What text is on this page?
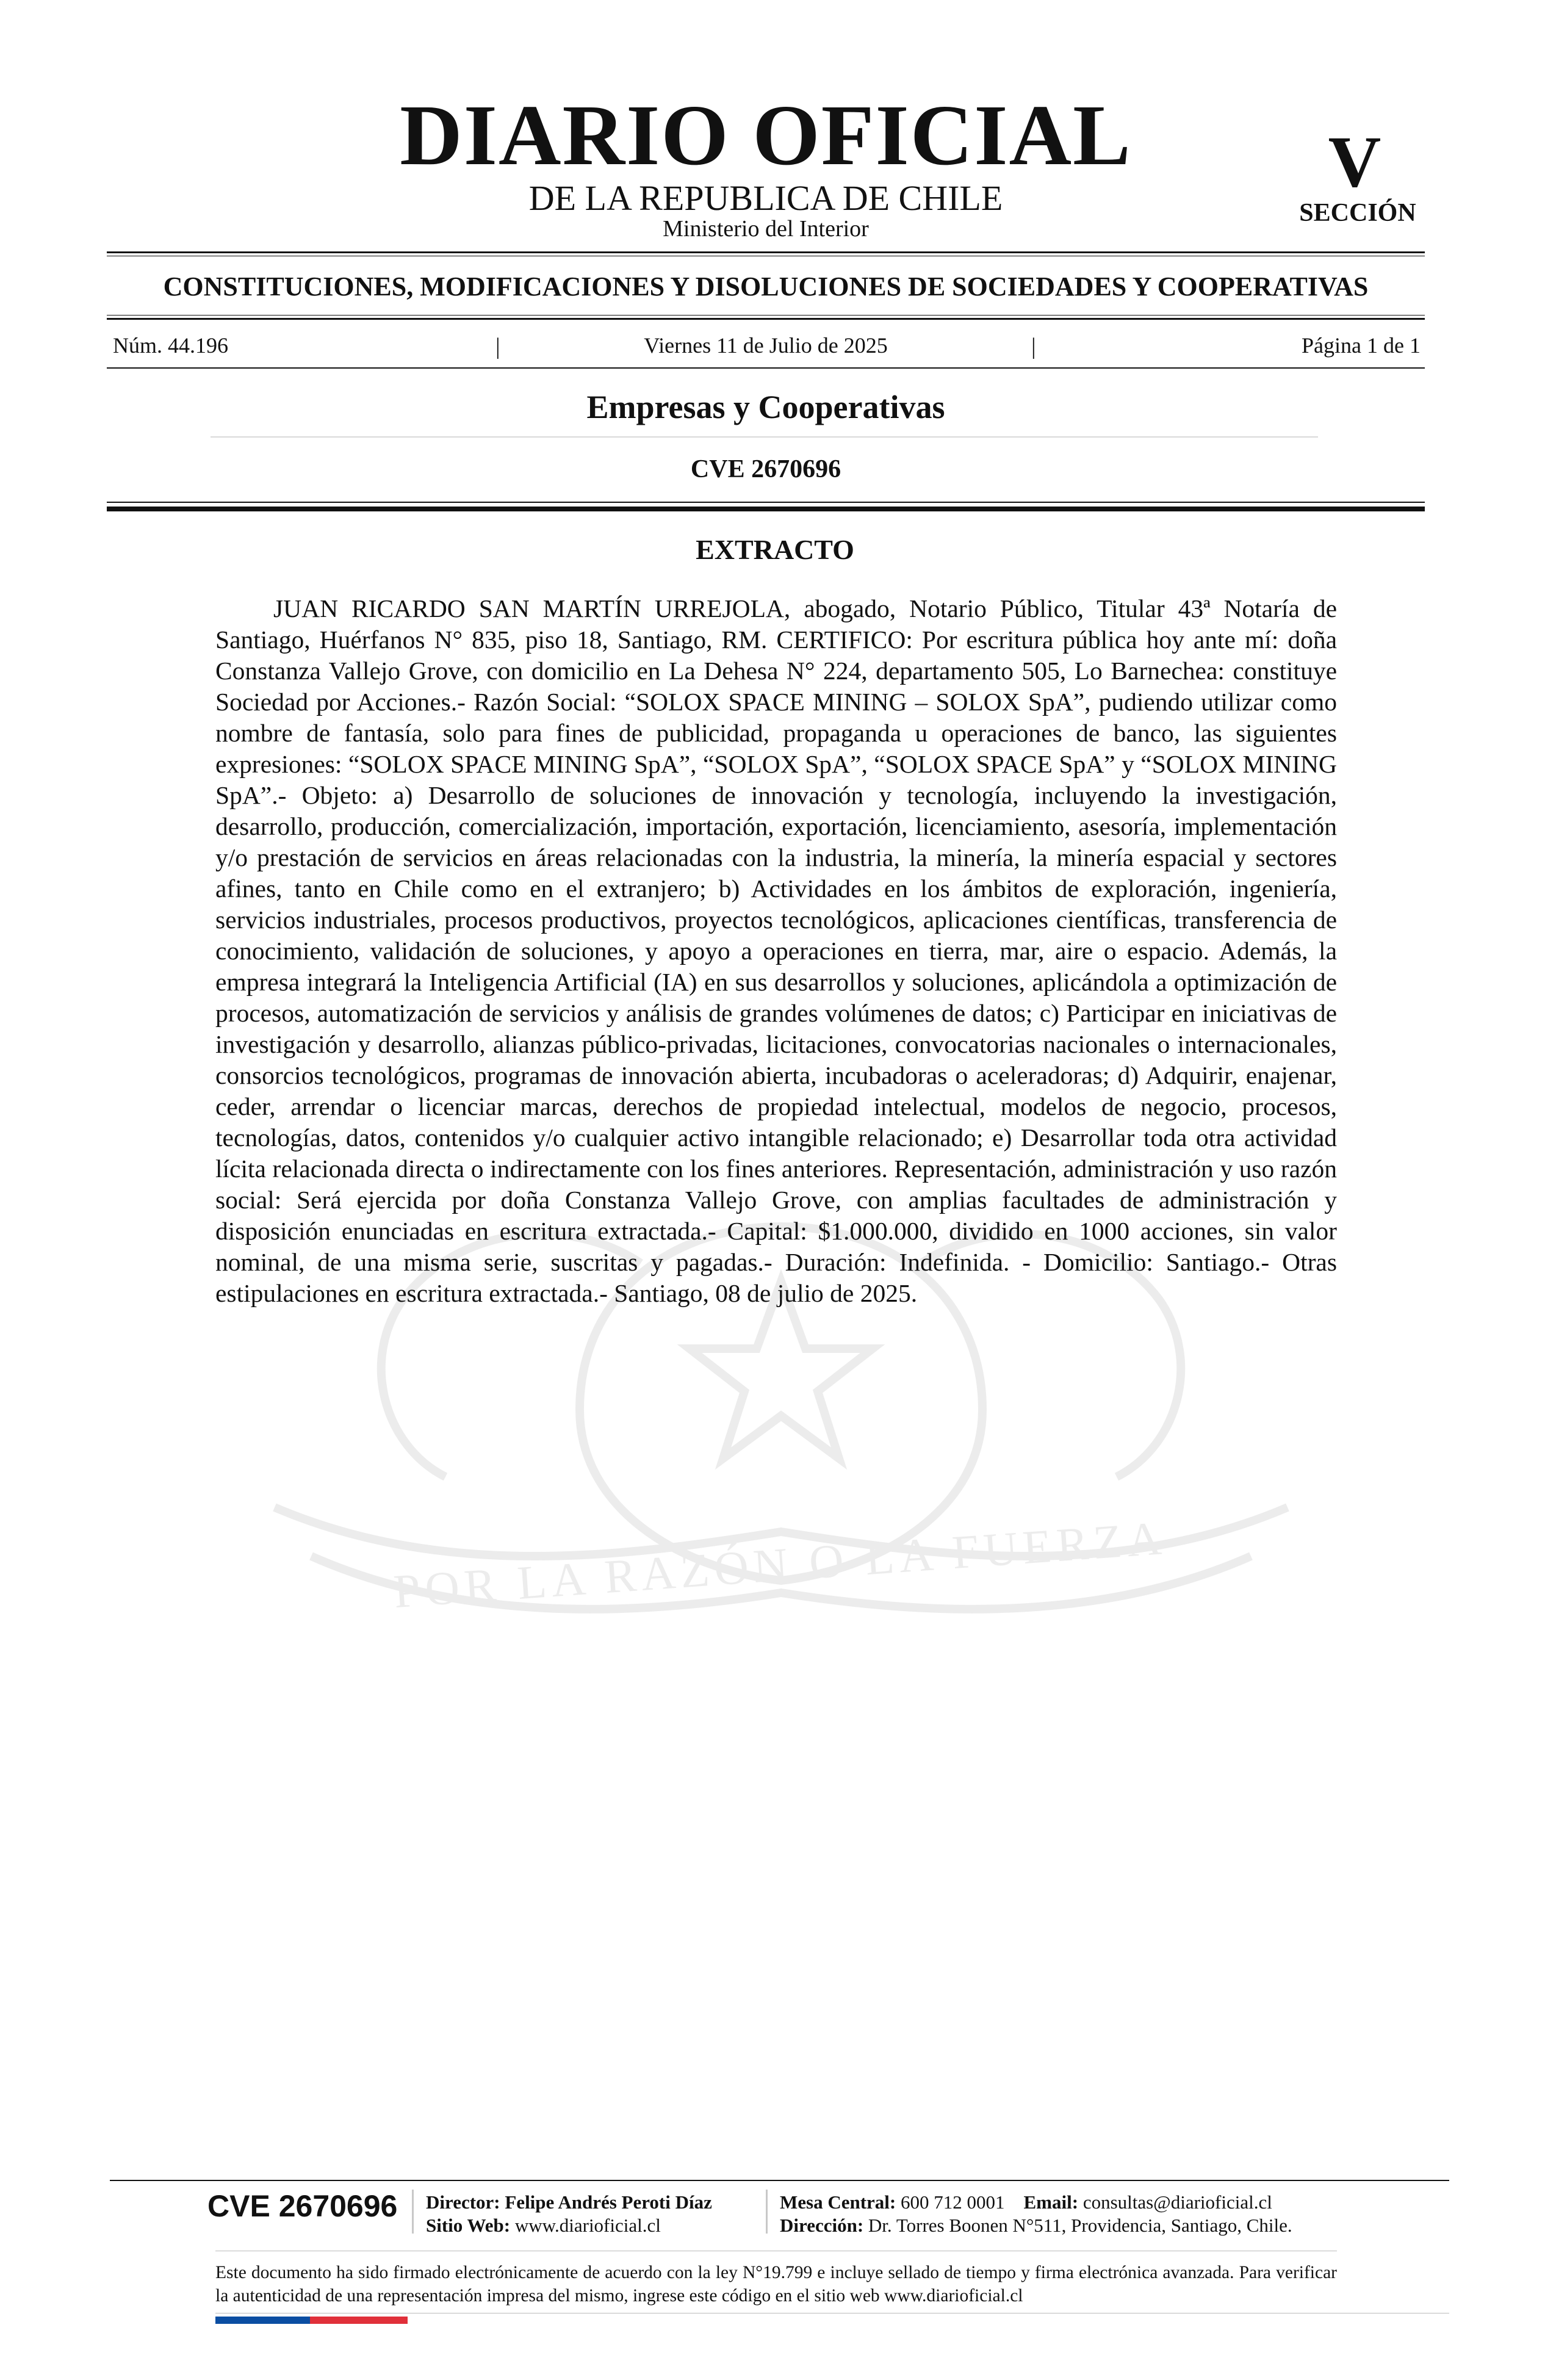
DIARIO OFICIAL
DE LA REPUBLICA DE CHILE
Ministerio del Interior
V
SECCIÓN
CONSTITUCIONES, MODIFICACIONES Y DISOLUCIONES DE SOCIEDADES Y COOPERATIVAS
Núm. 44.196	|	Viernes 11 de Julio de 2025	|	Página 1 de 1
Empresas y Cooperativas
CVE 2670696
POR LA RAZÓN O LA FUERZA
EXTRACTO

JUAN RICARDO SAN MARTÍN URREJOLA, abogado, Notario Público, Titular 43ª Notaría de Santiago, Huérfanos N° 835, piso 18, Santiago, RM. CERTIFICO: Por escritura pública hoy ante mí: doña Constanza Vallejo Grove, con domicilio en La Dehesa N° 224, departamento 505, Lo Barnechea: constituye Sociedad por Acciones.- Razón Social: “SOLOX SPACE MINING – SOLOX SpA”, pudiendo utilizar como nombre de fantasía, solo para fines de publicidad, propaganda u operaciones de banco, las siguientes expresiones: “SOLOX SPACE MINING SpA”, “SOLOX SpA”, “SOLOX SPACE SpA” y “SOLOX MINING SpA”.- Objeto: a) Desarrollo de soluciones de innovación y tecnología, incluyendo la investigación, desarrollo, producción, comercialización, importación, exportación, licenciamiento, asesoría, implementación y/o prestación de servicios en áreas relacionadas con la industria, la minería, la minería espacial y sectores afines, tanto en Chile como en el extranjero; b) Actividades en los ámbitos de exploración, ingeniería, servicios industriales, procesos productivos, proyectos tecnológicos, aplicaciones científicas, transferencia de conocimiento, validación de soluciones, y apoyo a operaciones en tierra, mar, aire o espacio. Además, la empresa integrará la Inteligencia Artificial (IA) en sus desarrollos y soluciones, aplicándola a optimización de procesos, automatización de servicios y análisis de grandes volúmenes de datos; c) Participar en iniciativas de investigación y desarrollo, alianzas público-privadas, licitaciones, convocatorias nacionales o internacionales, consorcios tecnológicos, programas de innovación abierta, incubadoras o aceleradoras; d) Adquirir, enajenar, ceder, arrendar o licenciar marcas, derechos de propiedad intelectual, modelos de negocio, procesos, tecnologías, datos, contenidos y/o cualquier activo intangible relacionado; e) Desarrollar toda otra actividad lícita relacionada directa o indirectamente con los fines anteriores. Representación, administración y uso razón social: Será ejercida por doña Constanza Vallejo Grove, con amplias facultades de administración y disposición enunciadas en escritura extractada.- Capital: $1.000.000, dividido en 1000 acciones, sin valor nominal, de una misma serie, suscritas y pagadas.- Duración: Indefinida. - Domicilio: Santiago.- Otras estipulaciones en escritura extractada.- Santiago, 08 de julio de 2025.

CVE 2670696 Director: Felipe Andrés Peroti Díaz
Sitio Web: www.diarioficial.cl
Mesa Central: 600 712 0001 Email: consultas@diarioficial.cl
Dirección: Dr. Torres Boonen N°511, Providencia, Santiago, Chile.

Este documento ha sido firmado electrónicamente de acuerdo con la ley N°19.799 e incluye sellado de tiempo y firma electrónica avanzada. Para verificar la autenticidad de una representación impresa del mismo, ingrese este código en el sitio web www.diarioficial.cl
